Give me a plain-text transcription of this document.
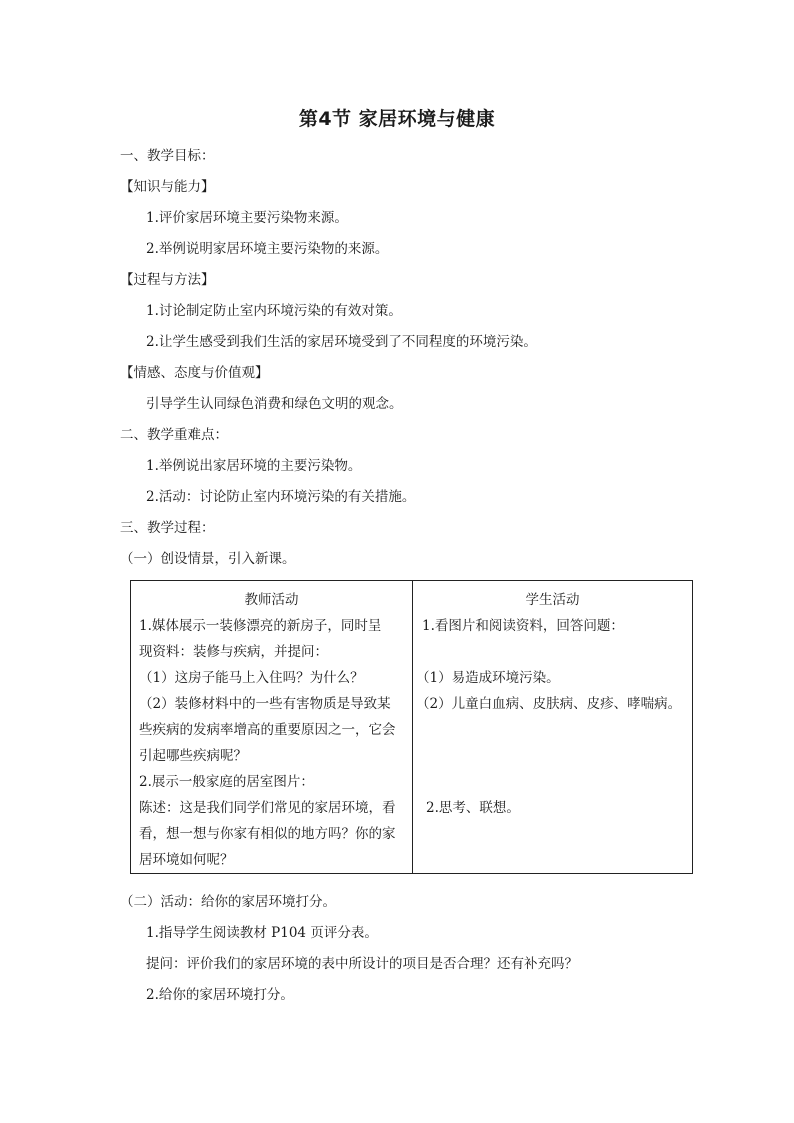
第4节 家居环境与健康
一、教学目标：
【知识与能力】
1.评价家居环境主要污染物来源。
2.举例说明家居环境主要污染物的来源。
【过程与方法】
1.讨论制定防止室内环境污染的有效对策。
2.让学生感受到我们生活的家居环境受到了不同程度的环境污染。
【情感、态度与价值观】
引导学生认同绿色消费和绿色文明的观念。
二、教学重难点：
1.举例说出家居环境的主要污染物。
2.活动：讨论防止室内环境污染的有关措施。
三、教学过程：
（一）创设情景，引入新课。
教师活动	学生活动
1.媒体展示一装修漂亮的新房子，同时呈
现资料：装修与疾病，并提问：
（1）这房子能马上入住吗？为什么？
（2）装修材料中的一些有害物质是导致某
些疾病的发病率增高的重要原因之一，它会
引起哪些疾病呢？
2.展示一般家庭的居室图片：
陈述：这是我们同学们常见的家居环境，看
看，想一想与你家有相似的地方吗？你的家
居环境如何呢？
1.看图片和阅读资料，回答问题：
（1）易造成环境污染。
（2）儿童白血病、皮肤病、皮疹、哮喘病。
2.思考、联想。
（二）活动：给你的家居环境打分。
1.指导学生阅读教材 P104 页评分表。
提问：评价我们的家居环境的表中所设计的项目是否合理？还有补充吗？
2.给你的家居环境打分。
